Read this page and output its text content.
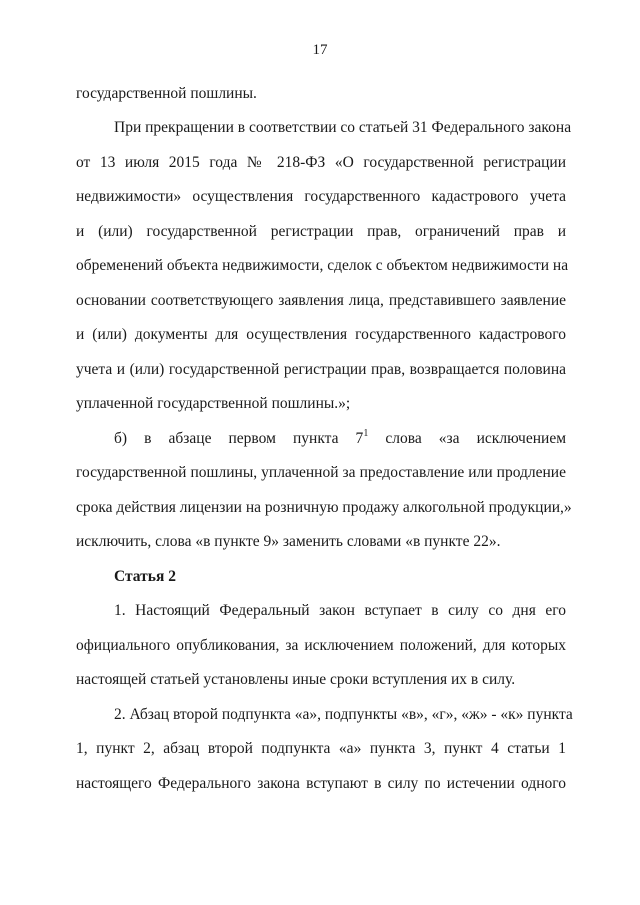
17
государственной пошлины.
При прекращении в соответствии со статьей 31 Федерального закона
от 13 июля 2015 года № 218-ФЗ «О государственной регистрации
недвижимости» осуществления государственного кадастрового учета
и (или) государственной регистрации прав, ограничений прав и
обременений объекта недвижимости, сделок с объектом недвижимости на
основании соответствующего заявления лица, представившего заявление
и (или) документы для осуществления государственного кадастрового
учета и (или) государственной регистрации прав, возвращается половина
уплаченной государственной пошлины.»;
б) в абзаце первом пункта $7^1$ слова «за исключением
государственной пошлины, уплаченной за предоставление или продление
срока действия лицензии на розничную продажу алкогольной продукции,»
исключить, слова «в пункте 9» заменить словами «в пункте 22».
Статья 2
1. Настоящий Федеральный закон вступает в силу со дня его
официального опубликования, за исключением положений, для которых
настоящей статьей установлены иные сроки вступления их в силу.
2. Абзац второй подпункта «а», подпункты «в», «г», «ж» - «к» пункта
1, пункт 2, абзац второй подпункта «а» пункта 3, пункт 4 статьи 1
настоящего Федерального закона вступают в силу по истечении одного
